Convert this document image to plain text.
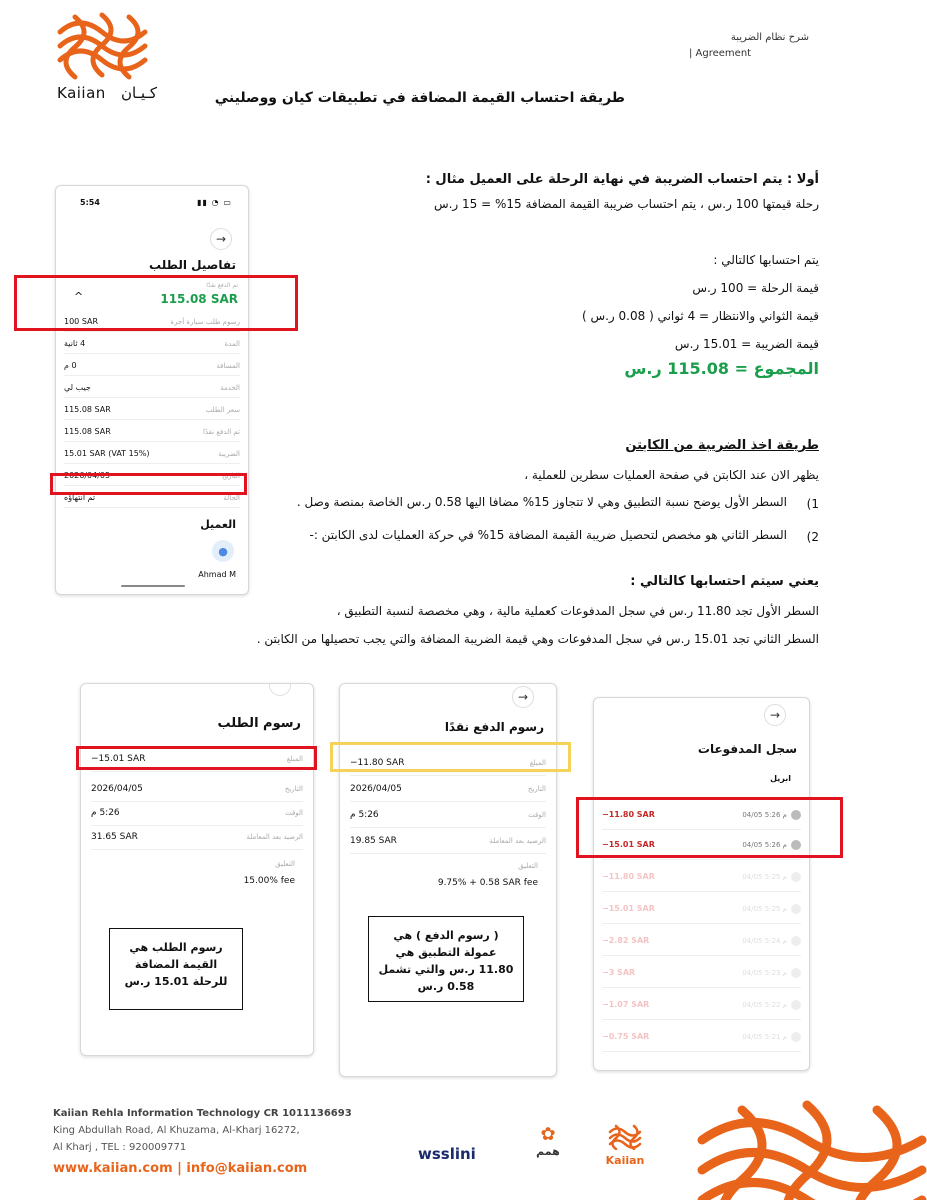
Kaiian كـيـان
شرح نظام الضريبة
| Agreement
طريقة احتساب القيمة المضافة في تطبيقات كيان ووصليني
أولا : يتم احتساب الضريبة في نهاية الرحلة على العميل مثال :
رحلة قيمتها 100 ر.س ، يتم احتساب ضريبة القيمة المضافة 15% = 15 ر.س
يتم احتسابها كالتالي :
قيمة الرحلة = 100 ر.س
قيمة الثواني والانتظار = 4 ثواني ( 0.08 ر.س )
قيمة الضريبة = 15.01 ر.س
المجموع = 115.08 ر.س
طريقة اخذ الضريبة من الكابتن
يظهر الان عند الكابتن في صفحة العمليات سطرين للعملية ،
1)
السطر الأول يوضح نسبة التطبيق وهي لا تتجاوز 15% مضافا اليها 0.58 ر.س الخاصة بمنصة وصل .
2)
السطر الثاني هو مخصص لتحصيل ضريبة القيمة المضافة 15% في حركة العمليات لدى الكابتن :-
يعني سيتم احتسابها كالتالي :
السطر الأول تجد 11.80 ر.س في سجل المدفوعات كعملية مالية ، وهي مخصصة لنسبة التطبيق ،
السطر الثاني تجد 15.01 ر.س في سجل المدفوعات وهي قيمة الضريبة المضافة والتي يجب تحصيلها من الكابتن .
5:54	▮▮ ◔ ▭
→
تفاصيل الطلب
تم الدفع نقدًا
^	115.08 SAR
100 SAR	رسوم طلب سيارة أجرة
4 ثانية	المدة
0 م	المسافة
جيب لي	الخدمة
115.08 SAR	سعر الطلب
115.08 SAR	تم الدفع نقدًا
15.01 SAR (VAT 15%)	الضريبة
2026/04/05	التاريخ
تم انتهاؤه	الحالة
العميل
●
Ahmad M
رسوم الطلب
−15.01 SAR	المبلغ
2026/04/05	التاريخ
5:26 م	الوقت
31.65 SAR	الرصيد بعد المعاملة
التعليق
15.00% fee
رسوم الطلب هي القيمة المضافة للرحلة 15.01 ر.س
→
رسوم الدفع نقدًا
−11.80 SAR	المبلغ
2026/04/05	التاريخ
5:26 م	الوقت
19.85 SAR	الرصيد بعد المعاملة
التعليق
9.75% + 0.58 SAR fee
( رسوم الدفع ) هي عمولة التطبيق هي 11.80 ر.س والتي تشمل 0.58 ر.س
→
سجل المدفوعات
ابريل
−11.80 SAR	04/05 5:26 م
−15.01 SAR	04/05 5:26 م
−11.80 SAR	04/05 5:25 م
−15.01 SAR	04/05 5:25 م
−2.82 SAR	04/05 5:24 م
−3 SAR	04/05 5:23 م
−1.07 SAR	04/05 5:22 م
−0.75 SAR	04/05 5:21 م
Kaiian Rehla Information Technology CR 1011136693
King Abdullah Road, Al Khuzama, Al-Kharj 16272,
Al Kharj , TEL : 920009771
www.kaiian.com | info@kaiian.com
wsslini
✿
همم
Kaiian
